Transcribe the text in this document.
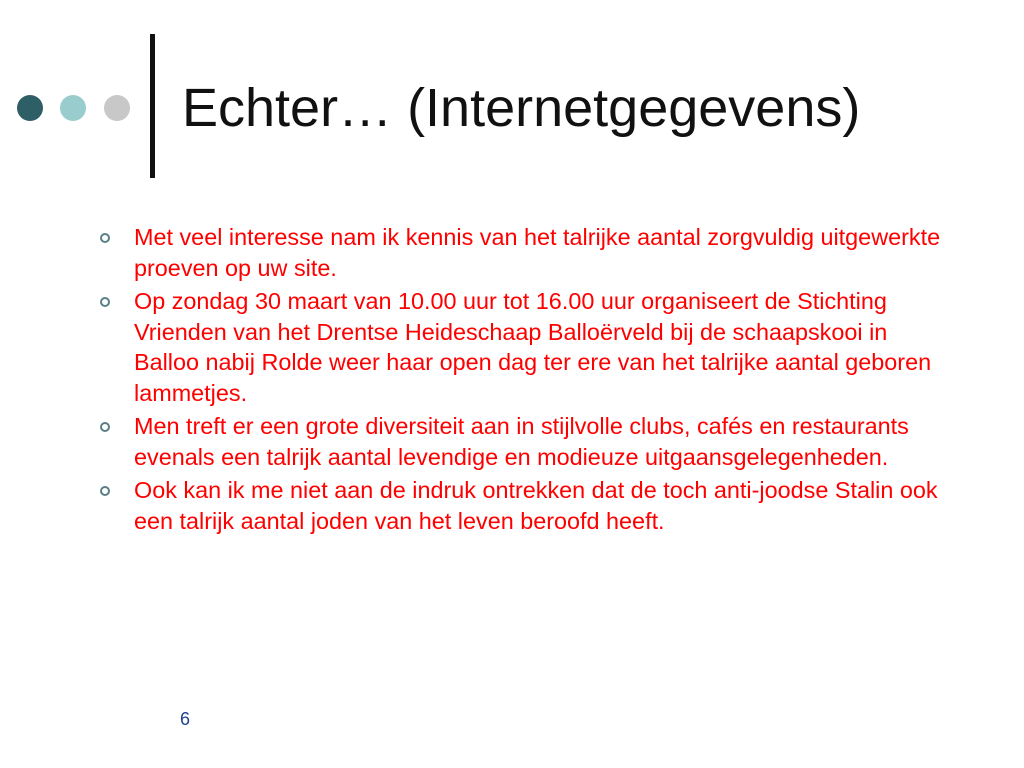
Echter… (Internetgegevens)
Met veel interesse nam ik kennis van het talrijke aantal zorgvuldig uitgewerkte proeven op uw site.
Op zondag 30 maart van 10.00 uur tot 16.00 uur organiseert de Stichting Vrienden van het Drentse Heideschaap Balloërveld bij de schaapskooi in Balloo nabij Rolde weer haar open dag ter ere van het talrijke aantal geboren lammetjes.
Men treft er een grote diversiteit aan in stijlvolle clubs, cafés en restaurants evenals een talrijk aantal levendige en modieuze uitgaansgelegenheden.
Ook kan ik me niet aan de indruk ontrekken dat de toch anti-joodse Stalin ook een talrijk aantal joden van het leven beroofd heeft.
6
